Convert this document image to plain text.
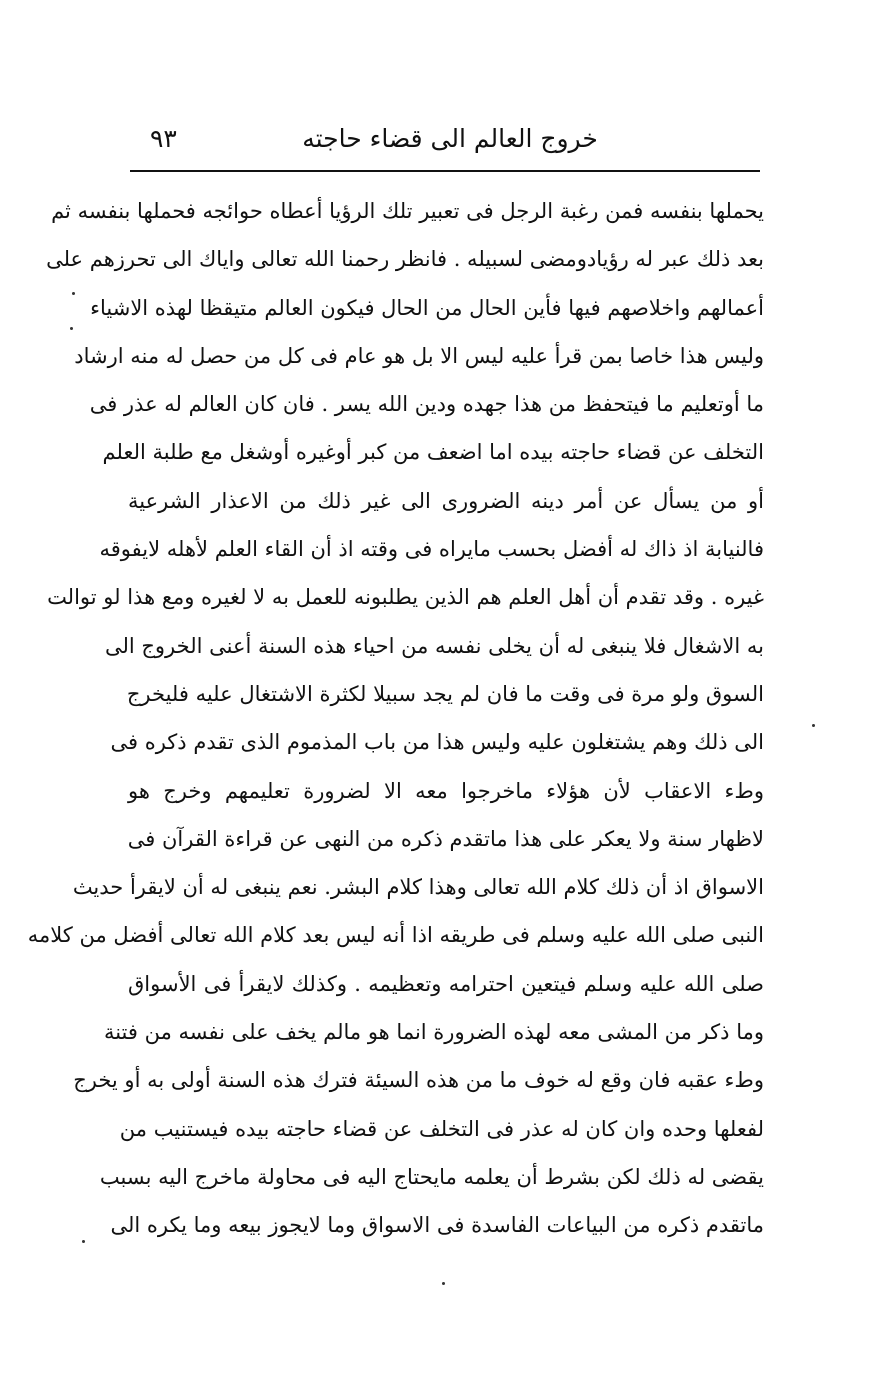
خروج العالم الى قضاء حاجته
٩٣
يحملها بنفسه فمن رغبة الرجل فى تعبير تلك الرؤيا أعطاه حوائجه فحملها بنفسه ثم
بعد ذلك عبر له رؤيادومضى لسبيله . فانظر رحمنا الله تعالى واياك الى تحرزهم على
أعمالهم واخلاصهم فيها فأين الحال من الحال فيكون العالم متيقظا لهذه الاشياء
وليس هذا خاصا بمن قرأ عليه ليس الا بل هو عام فى كل من حصل له منه ارشاد
ما أوتعليم ما فيتحفظ من هذا جهده ودين الله يسر . فان كان العالم له عذر فى
التخلف عن قضاء حاجته بيده اما اضعف من كبر أوغيره أوشغل مع طلبة العلم
أو من يسأل عن أمر دينه الضرورى الى غير ذلك من الاعذار الشرعية
فالنيابة اذ ذاك له أفضل بحسب مايراه فى وقته اذ أن القاء العلم لأهله لايفوقه
غيره . وقد تقدم أن أهل العلم هم الذين يطلبونه للعمل به لا لغيره ومع هذا لو توالت
به الاشغال فلا ينبغى له أن يخلى نفسه من احياء هذه السنة أعنى الخروج الى
السوق ولو مرة فى وقت ما فان لم يجد سبيلا لكثرة الاشتغال عليه فليخرج
الى ذلك وهم يشتغلون عليه وليس هذا من باب المذموم الذى تقدم ذكره فى
وطء الاعقاب لأن هؤلاء ماخرجوا معه الا لضرورة تعليمهم وخرج هو
لاظهار سنة ولا يعكر على هذا ماتقدم ذكره من النهى عن قراءة القرآن فى
الاسواق اذ أن ذلك كلام الله تعالى وهذا كلام البشر. نعم ينبغى له أن لايقرأ حديث
النبى صلى الله عليه وسلم فى طريقه اذا أنه ليس بعد كلام الله تعالى أفضل من كلامه
صلى الله عليه وسلم فيتعين احترامه وتعظيمه . وكذلك لايقرأ فى الأسواق
وما ذكر من المشى معه لهذه الضرورة انما هو مالم يخف على نفسه من فتنة
وطء عقبه فان وقع له خوف ما من هذه السيئة فترك هذه السنة أولى به أو يخرج
لفعلها وحده وان كان له عذر فى التخلف عن قضاء حاجته بيده فيستنيب من
يقضى له ذلك لكن بشرط أن يعلمه مايحتاج اليه فى محاولة ماخرج اليه بسبب
ماتقدم ذكره من البياعات الفاسدة فى الاسواق وما لايجوز بيعه وما يكره الى
